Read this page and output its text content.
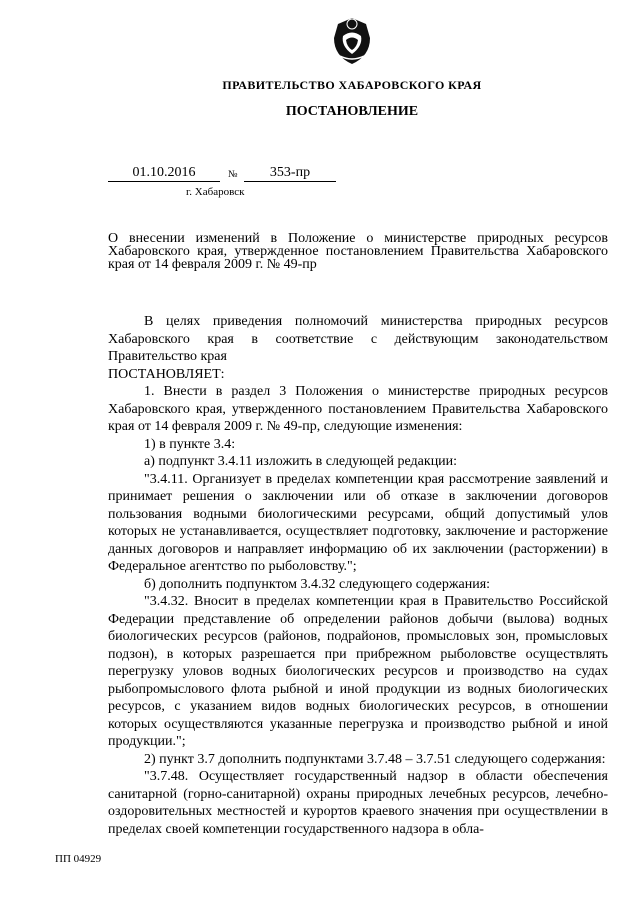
ПРАВИТЕЛЬСТВО ХАБАРОВСКОГО КРАЯ
ПОСТАНОВЛЕНИЕ
01.10.2016	№	353-пр
г. Хабаровск
О внесении изменений в Положение о министерстве природных ресурсов Хабаровского края, утвержденное постановлением Правительства Хабаровского края от 14 февраля 2009 г. № 49-пр

В целях приведения полномочий министерства природных ресурсов Хабаровского края в соответствие с действующим законодательством Правительство края

ПОСТАНОВЛЯЕТ:

1. Внести в раздел 3 Положения о министерстве природных ресурсов Хабаровского края, утвержденного постановлением Правительства Хабаровского края от 14 февраля 2009 г. № 49-пр, следующие изменения:

1) в пункте 3.4:

а) подпункт 3.4.11 изложить в следующей редакции:

"3.4.11. Организует в пределах компетенции края рассмотрение заявлений и принимает решения о заключении или об отказе в заключении договоров пользования водными биологическими ресурсами, общий допустимый улов которых не устанавливается, осуществляет подготовку, заключение и расторжение данных договоров и направляет информацию об их заключении (расторжении) в Федеральное агентство по рыболовству.";

б) дополнить подпунктом 3.4.32 следующего содержания:

"3.4.32. Вносит в пределах компетенции края в Правительство Российской Федерации представление об определении районов добычи (вылова) водных биологических ресурсов (районов, подрайонов, промысловых зон, промысловых подзон), в которых разрешается при прибрежном рыболовстве осуществлять перегрузку уловов водных биологических ресурсов и производство на судах рыбопромыслового флота рыбной и иной продукции из водных биологических ресурсов, с указанием видов водных биологических ресурсов, в отношении которых осуществляются указанные перегрузка и производство рыбной и иной продукции.";

2) пункт 3.7 дополнить подпунктами 3.7.48 – 3.7.51 следующего содержания:

"3.7.48. Осуществляет государственный надзор в области обеспечения санитарной (горно-санитарной) охраны природных лечебных ресурсов, лечебно-оздоровительных местностей и курортов краевого значения при осуществлении в пределах своей компетенции государственного надзора в обла-

ПП 04929
